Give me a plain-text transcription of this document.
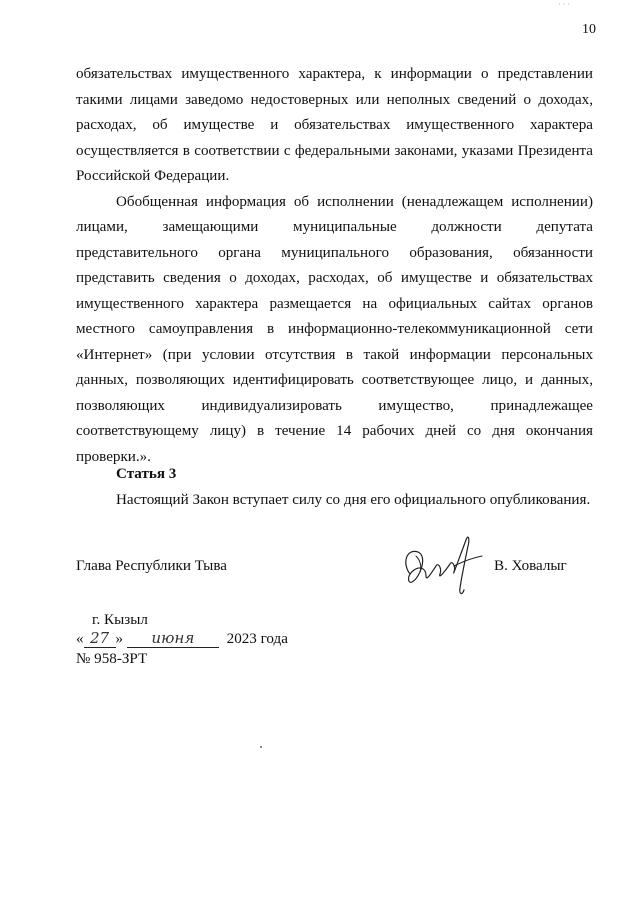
· · ·
10

обязательствах имущественного характера, к информации о представлении такими лицами заведомо недостоверных или неполных сведений о доходах, расходах, об имуществе и обязательствах имущественного характера осуществляется в соответствии с федеральными законами, указами Президента Российской Федерации.

Обобщенная информация об исполнении (ненадлежащем исполнении) лицами, замещающими муниципальные должности депутата представительного органа муниципального образования, обязанности представить сведения о доходах, расходах, об имуществе и обязательствах имущественного характера размещается на официальных сайтах органов местного самоуправления в информационно-телекоммуникационной сети «Интернет» (при условии отсутствия в такой информации персональных данных, позволяющих идентифицировать соответствующее лицо, и данных, позволяющих индивидуализировать имущество, принадлежащее соответствующему лицу) в течение 14 рабочих дней со дня окончания проверки.».

Статья 3
Настоящий Закон вступает силу со дня его официального опубликования.
Глава Республики Тыва	В. Ховалыг
г. Кызыл
« 27 » июня 2023 года
№ 958-ЗРТ
